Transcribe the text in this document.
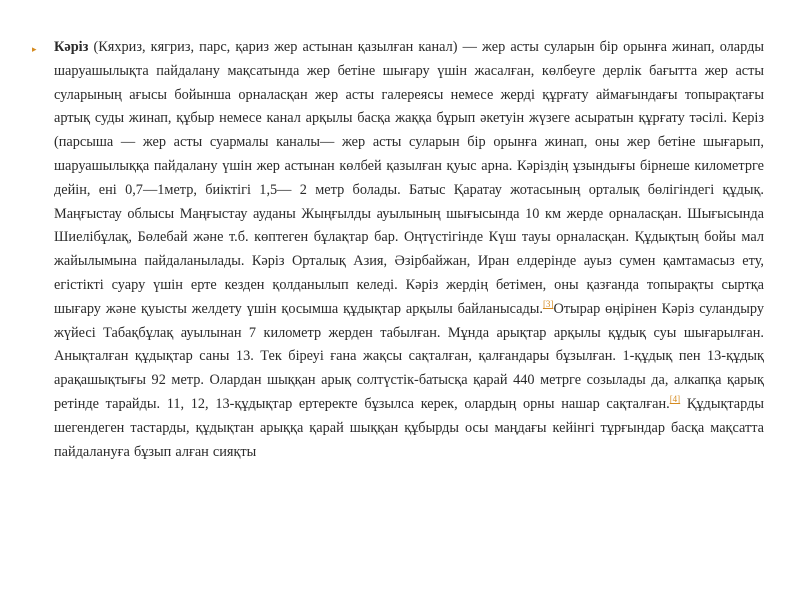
▸ Кәріз (Кяхриз, кягриз, парс, қариз жер астынан қазылған канал) — жер асты суларын бір орынға жинап, оларды шаруашылықта пайдалану мақсатында жер бетіне шығару үшін жасалған, көлбеуге дерлік бағытта жер асты суларының ағысы бойынша орналасқан жер асты галереясы немесе жерді құрғату аймағындағы топырақтағы артық суды жинап, құбыр немесе канал арқылы басқа жаққа бұрып әкетуін жүзеге асыратын құрғату тәсілі. Кеpiз (парсыша — жер асты суармалы каналы— жер асты суларын бір орынға жинап, оны жер бетіне шығарып, шаруашылыққа пайдалану үшін жер астынан көлбей қазылған қуыс арна. Кәріздің ұзындығы бірнеше километрге дейін, ені 0,7—1метр, биіктігі 1,5— 2 метр болады. Батыс Қаратау жотасының орталық бөлігіндегі құдық. Маңғыстау облысы Маңғыстау ауданы Жыңғылды ауылының шығысында 10 км жерде орналасқан. Шығысында Шиелібұлақ, Бөлебай және т.б. көптеген бұлақтар бар. Оңтүстігінде Күш тауы орналасқан. Құдықтың бойы мал жайылымына пайдаланылады. Кәріз Орталық Азия, Әзірбайжан, Иран елдерінде ауыз сумен қамтамасыз ету, егістікті суару үшін ерте кезден қолданылып келеді. Кәріз жердің бетімен, оны қазғанда топырақты сыртқа шығару және қуысты желдету үшін қосымша құдықтар арқылы байланысады.[3]Отырар өңірінен Кәріз суландыру жүйесі Табақбұлақ ауылынан 7 километр жерден табылған. Мұнда арықтар арқылы құдық суы шығарылған. Анықталған құдықтар саны 13. Тек біреуі ғана жақсы сақталған, қалғандары бұзылған. 1-құдық пен 13-құдық арақашықтығы 92 метр. Олардан шыққан арық солтүстік-батысқа қарай 440 метрге созылады да, алкапқа қарық ретінде тарайды. 11, 12, 13-құдықтар ертеректе бұзылса керек, олардың орны нашар сақталған.[4] Құдықтарды шегендеген тастарды, құдықтан арыққа қарай шыққан құбырды осы маңдағы кейінгі тұрғындар басқа мақсатта пайдалануға бұзып алған сияқты
